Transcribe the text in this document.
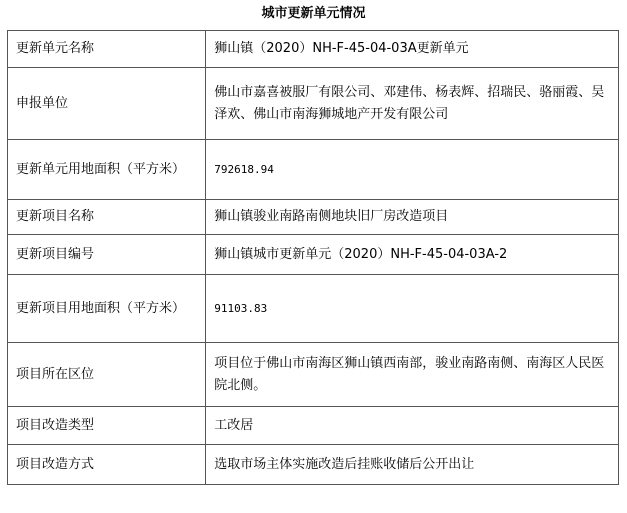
城市更新单元情况
更新单元名称	狮山镇（2020）NH-F-45-04-03A更新单元
申报单位	佛山市嘉喜被服厂有限公司、邓建伟、杨表辉、招瑞民、骆丽霞、吴泽欢、佛山市南海狮城地产开发有限公司
更新单元用地面积（平方米）	792618.94
更新项目名称	狮山镇骏业南路南侧地块旧厂房改造项目
更新项目编号	狮山镇城市更新单元（2020）NH-F-45-04-03A-2
更新项目用地面积（平方米）	91103.83
项目所在区位	项目位于佛山市南海区狮山镇西南部，骏业南路南侧、南海区人民医院北侧。
项目改造类型	工改居
项目改造方式	选取市场主体实施改造后挂账收储后公开出让
